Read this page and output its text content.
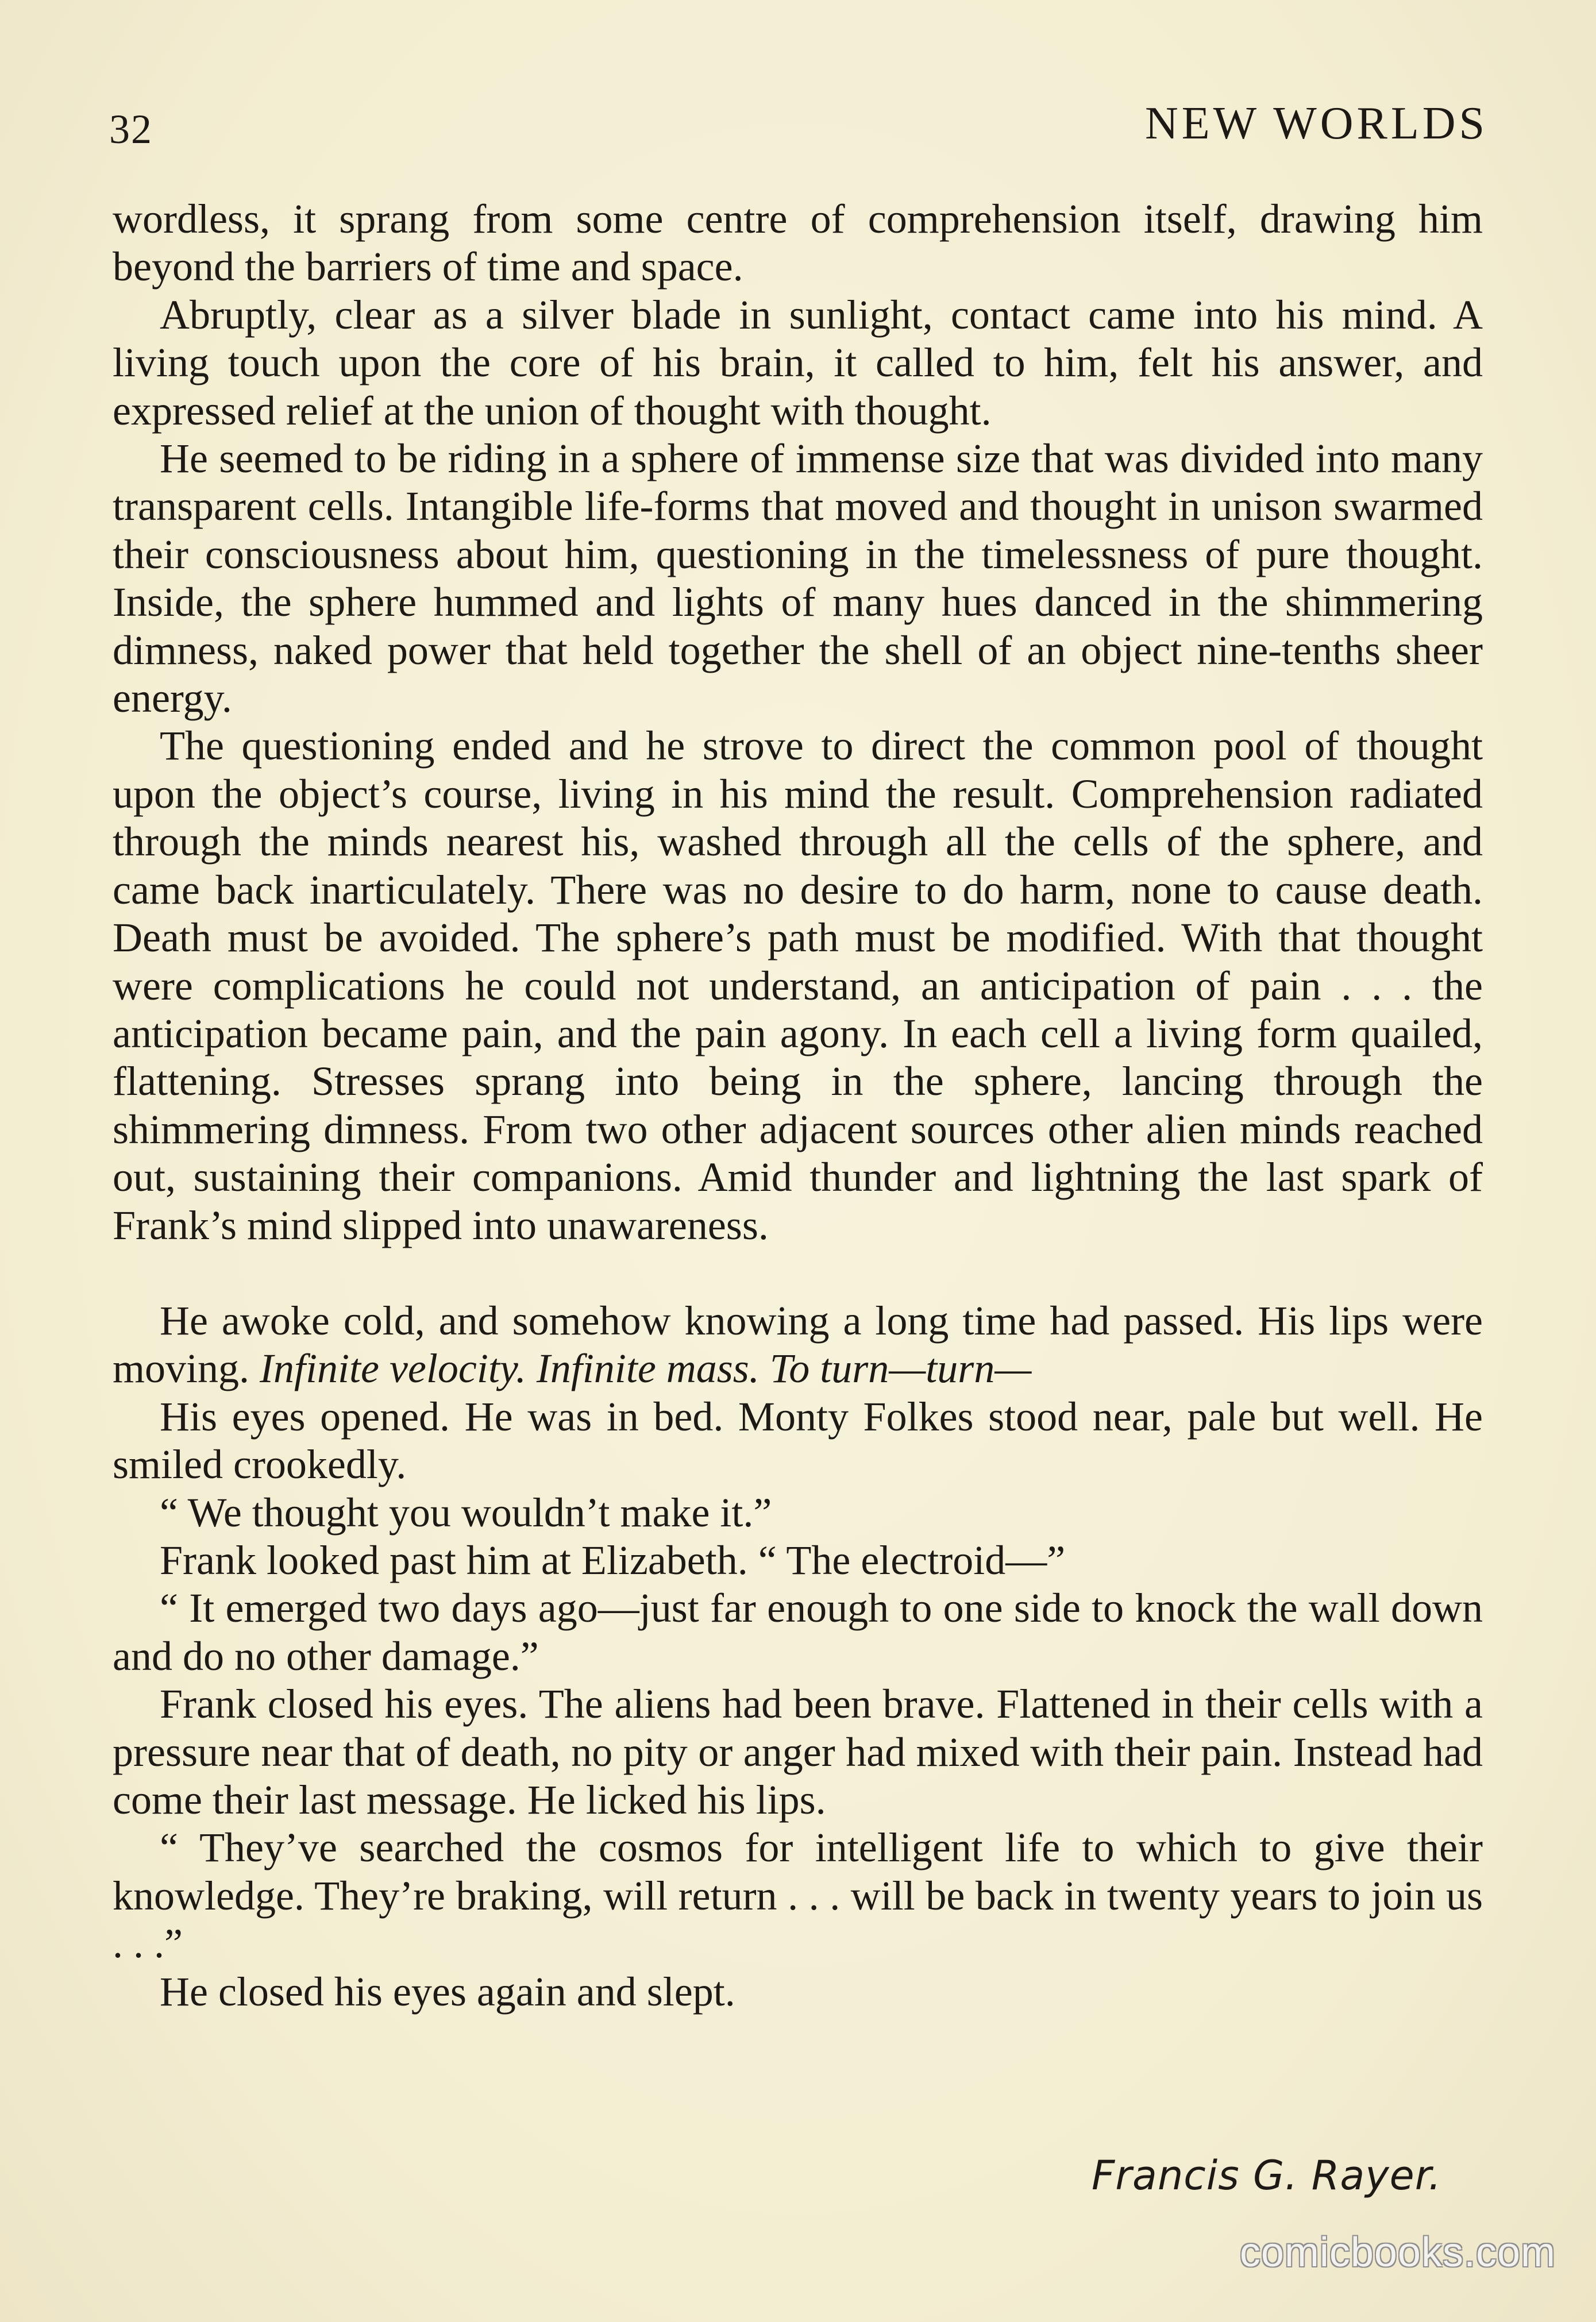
32	NEW WORLDS

wordless, it sprang from some centre of comprehension itself, drawing him beyond the barriers of time and space.

Abruptly, clear as a silver blade in sunlight, contact came into his mind. A living touch upon the core of his brain, it called to him, felt his answer, and expressed relief at the union of thought with thought.

He seemed to be riding in a sphere of immense size that was divided into many transparent cells. Intangible life-forms that moved and thought in unison swarmed their consciousness about him, questioning in the timelessness of pure thought. Inside, the sphere hummed and lights of many hues danced in the shimmering dimness, naked power that held together the shell of an object nine-tenths sheer energy.

The questioning ended and he strove to direct the common pool of thought upon the object’s course, living in his mind the result. Comprehension radiated through the minds nearest his, washed through all the cells of the sphere, and came back inarticulately. There was no desire to do harm, none to cause death. Death must be avoided. The sphere’s path must be modified. With that thought were complications he could not understand, an anticipation of pain . . . the anticipation became pain, and the pain agony. In each cell a living form quailed, flattening. Stresses sprang into being in the sphere, lancing through the shimmering dimness. From two other adjacent sources other alien minds reached out, sustaining their companions. Amid thunder and lightning the last spark of Frank’s mind slipped into unawareness.

He awoke cold, and somehow knowing a long time had passed. His lips were moving. Infinite velocity. Infinite mass. To turn—turn—

His eyes opened. He was in bed. Monty Folkes stood near, pale but well. He smiled crookedly.

“ We thought you wouldn’t make it.”

Frank looked past him at Elizabeth. “ The electroid—”

“ It emerged two days ago—just far enough to one side to knock the wall down and do no other damage.”

Frank closed his eyes. The aliens had been brave. Flattened in their cells with a pressure near that of death, no pity or anger had mixed with their pain. Instead had come their last message. He licked his lips.

“ They’ve searched the cosmos for intelligent life to which to give their knowledge. They’re braking, will return . . . will be back in twenty years to join us . . .”

He closed his eyes again and slept.

Francis G. Rayer.
comicbooks.com
